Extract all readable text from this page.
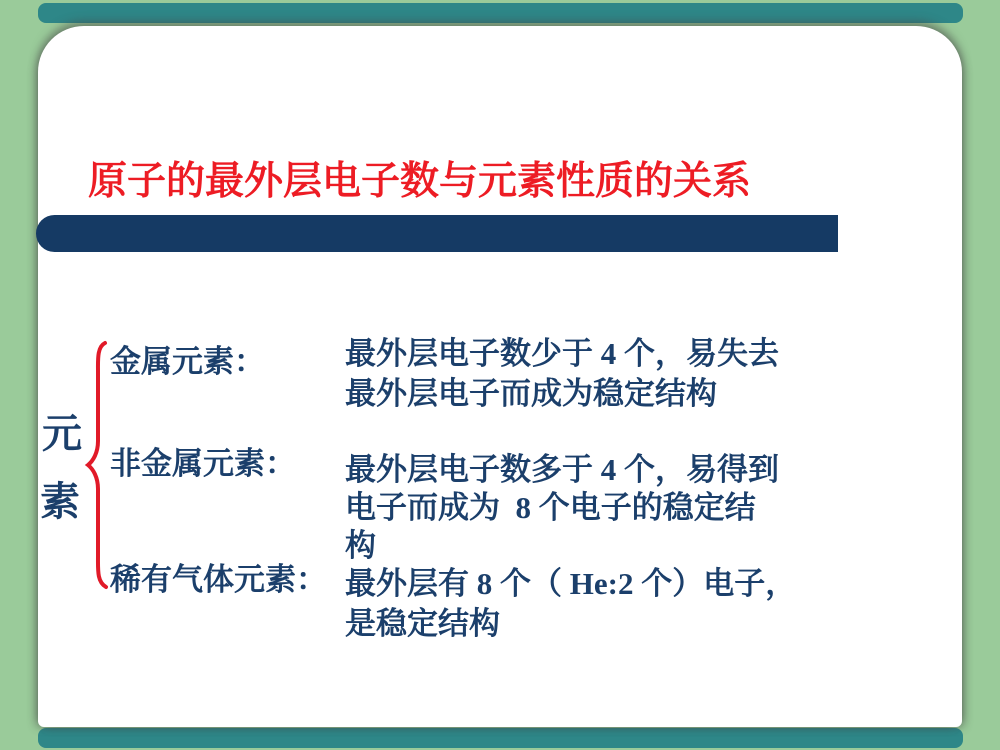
原子的最外层电子数与元素性质的关系
元
素
金属元素：
非金属元素：
稀有气体元素：
最外层电子数少于 4 个，易失去
最外层电子而成为稳定结构
最外层电子数多于 4 个，易得到
电子而成为  8 个电子的稳定结
构
最外层有 8 个（ He:2 个）电子，
是稳定结构
